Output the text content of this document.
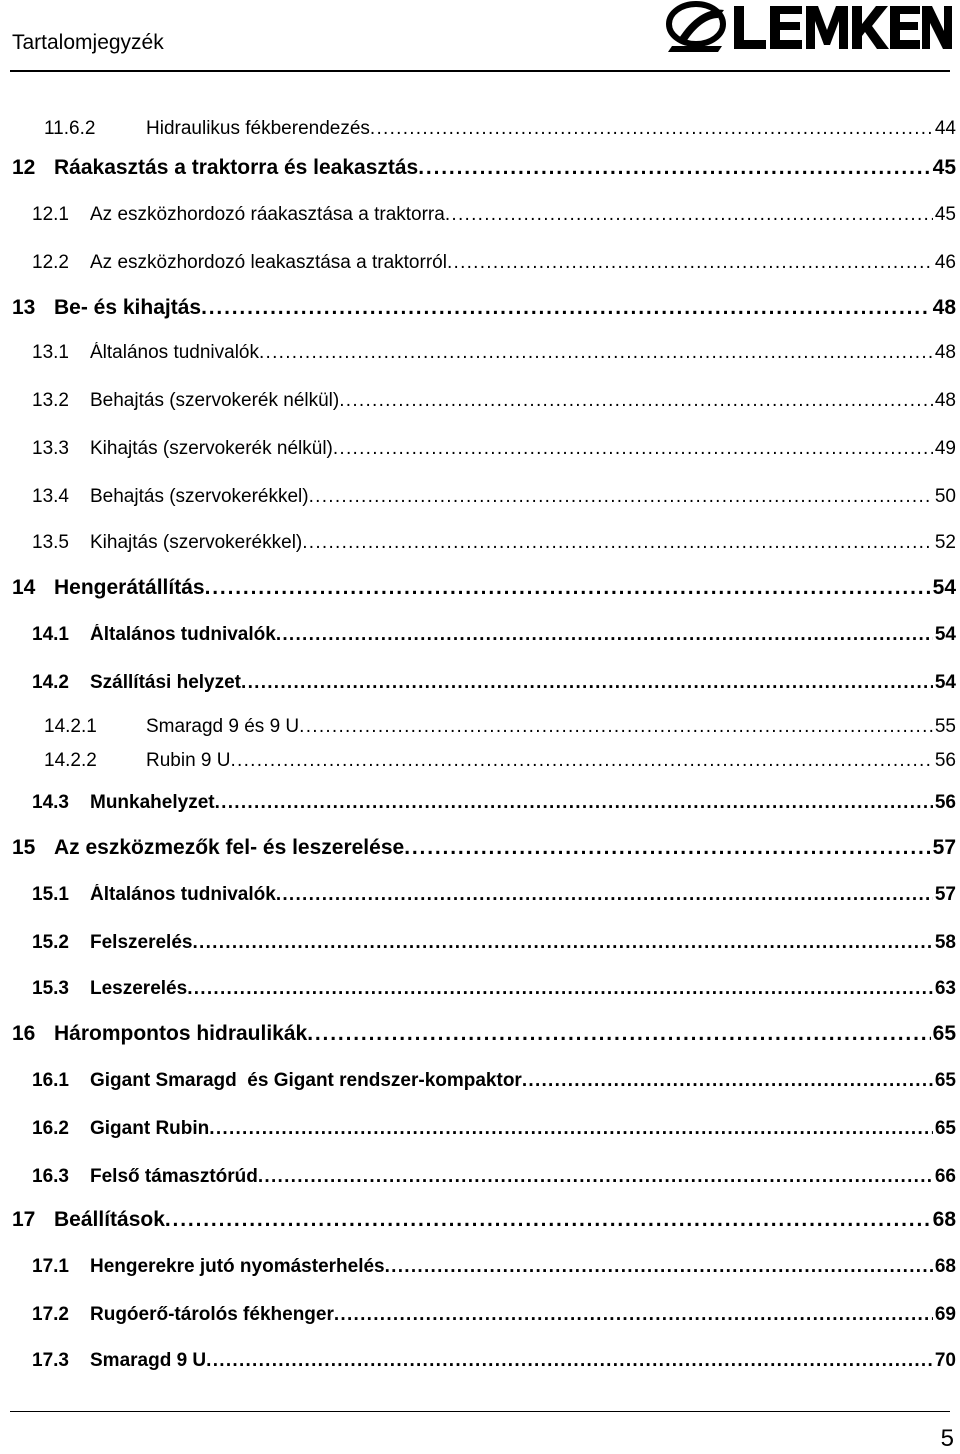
Tartalomjegyzék
11.6.2	Hidraulikus fékberendezés . . .	44
12 Ráakasztás a traktorra és leakasztás . . .	45
12.1 Az eszközhordozó ráakasztása a traktorra . . .	45
12.2 Az eszközhordozó leakasztása a traktorról . . .	46
13 Be- és kihajtás . . .	48
13.1 Általános tudnivalók . . .	48
13.2 Behajtás (szervokerék nélkül) . . .	48
13.3 Kihajtás (szervokerék nélkül) . . .	49
13.4 Behajtás (szervokerékkel) . . .	50
13.5 Kihajtás (szervokerékkel) . . .	52
14 Hengerátállítás . . .	54
14.1 Általános tudnivalók . . .	54
14.2 Szállítási helyzet . . .	54
14.2.1	Smaragd 9 és 9 U . . .	55
14.2.2	Rubin 9 U . . .	56
14.3 Munkahelyzet . . .	56
15 Az eszközmezők fel- és leszerelése . . .	57
15.1 Általános tudnivalók . . .	57
15.2 Felszerelés . . .	58
15.3 Leszerelés . . .	63
16 Hárompontos hidraulikák . . .	65
16.1 Gigant Smaragd  és Gigant rendszer-kompaktor . . .	65
16.2 Gigant Rubin . . .	65
16.3 Felső támasztórúd . . .	66
17 Beállítások . . .	68
17.1 Hengerekre jutó nyomásterhelés . . .	68
17.2 Rugóerő-tárolós fékhenger . . .	69
17.3 Smaragd 9 U . . .	70
5
